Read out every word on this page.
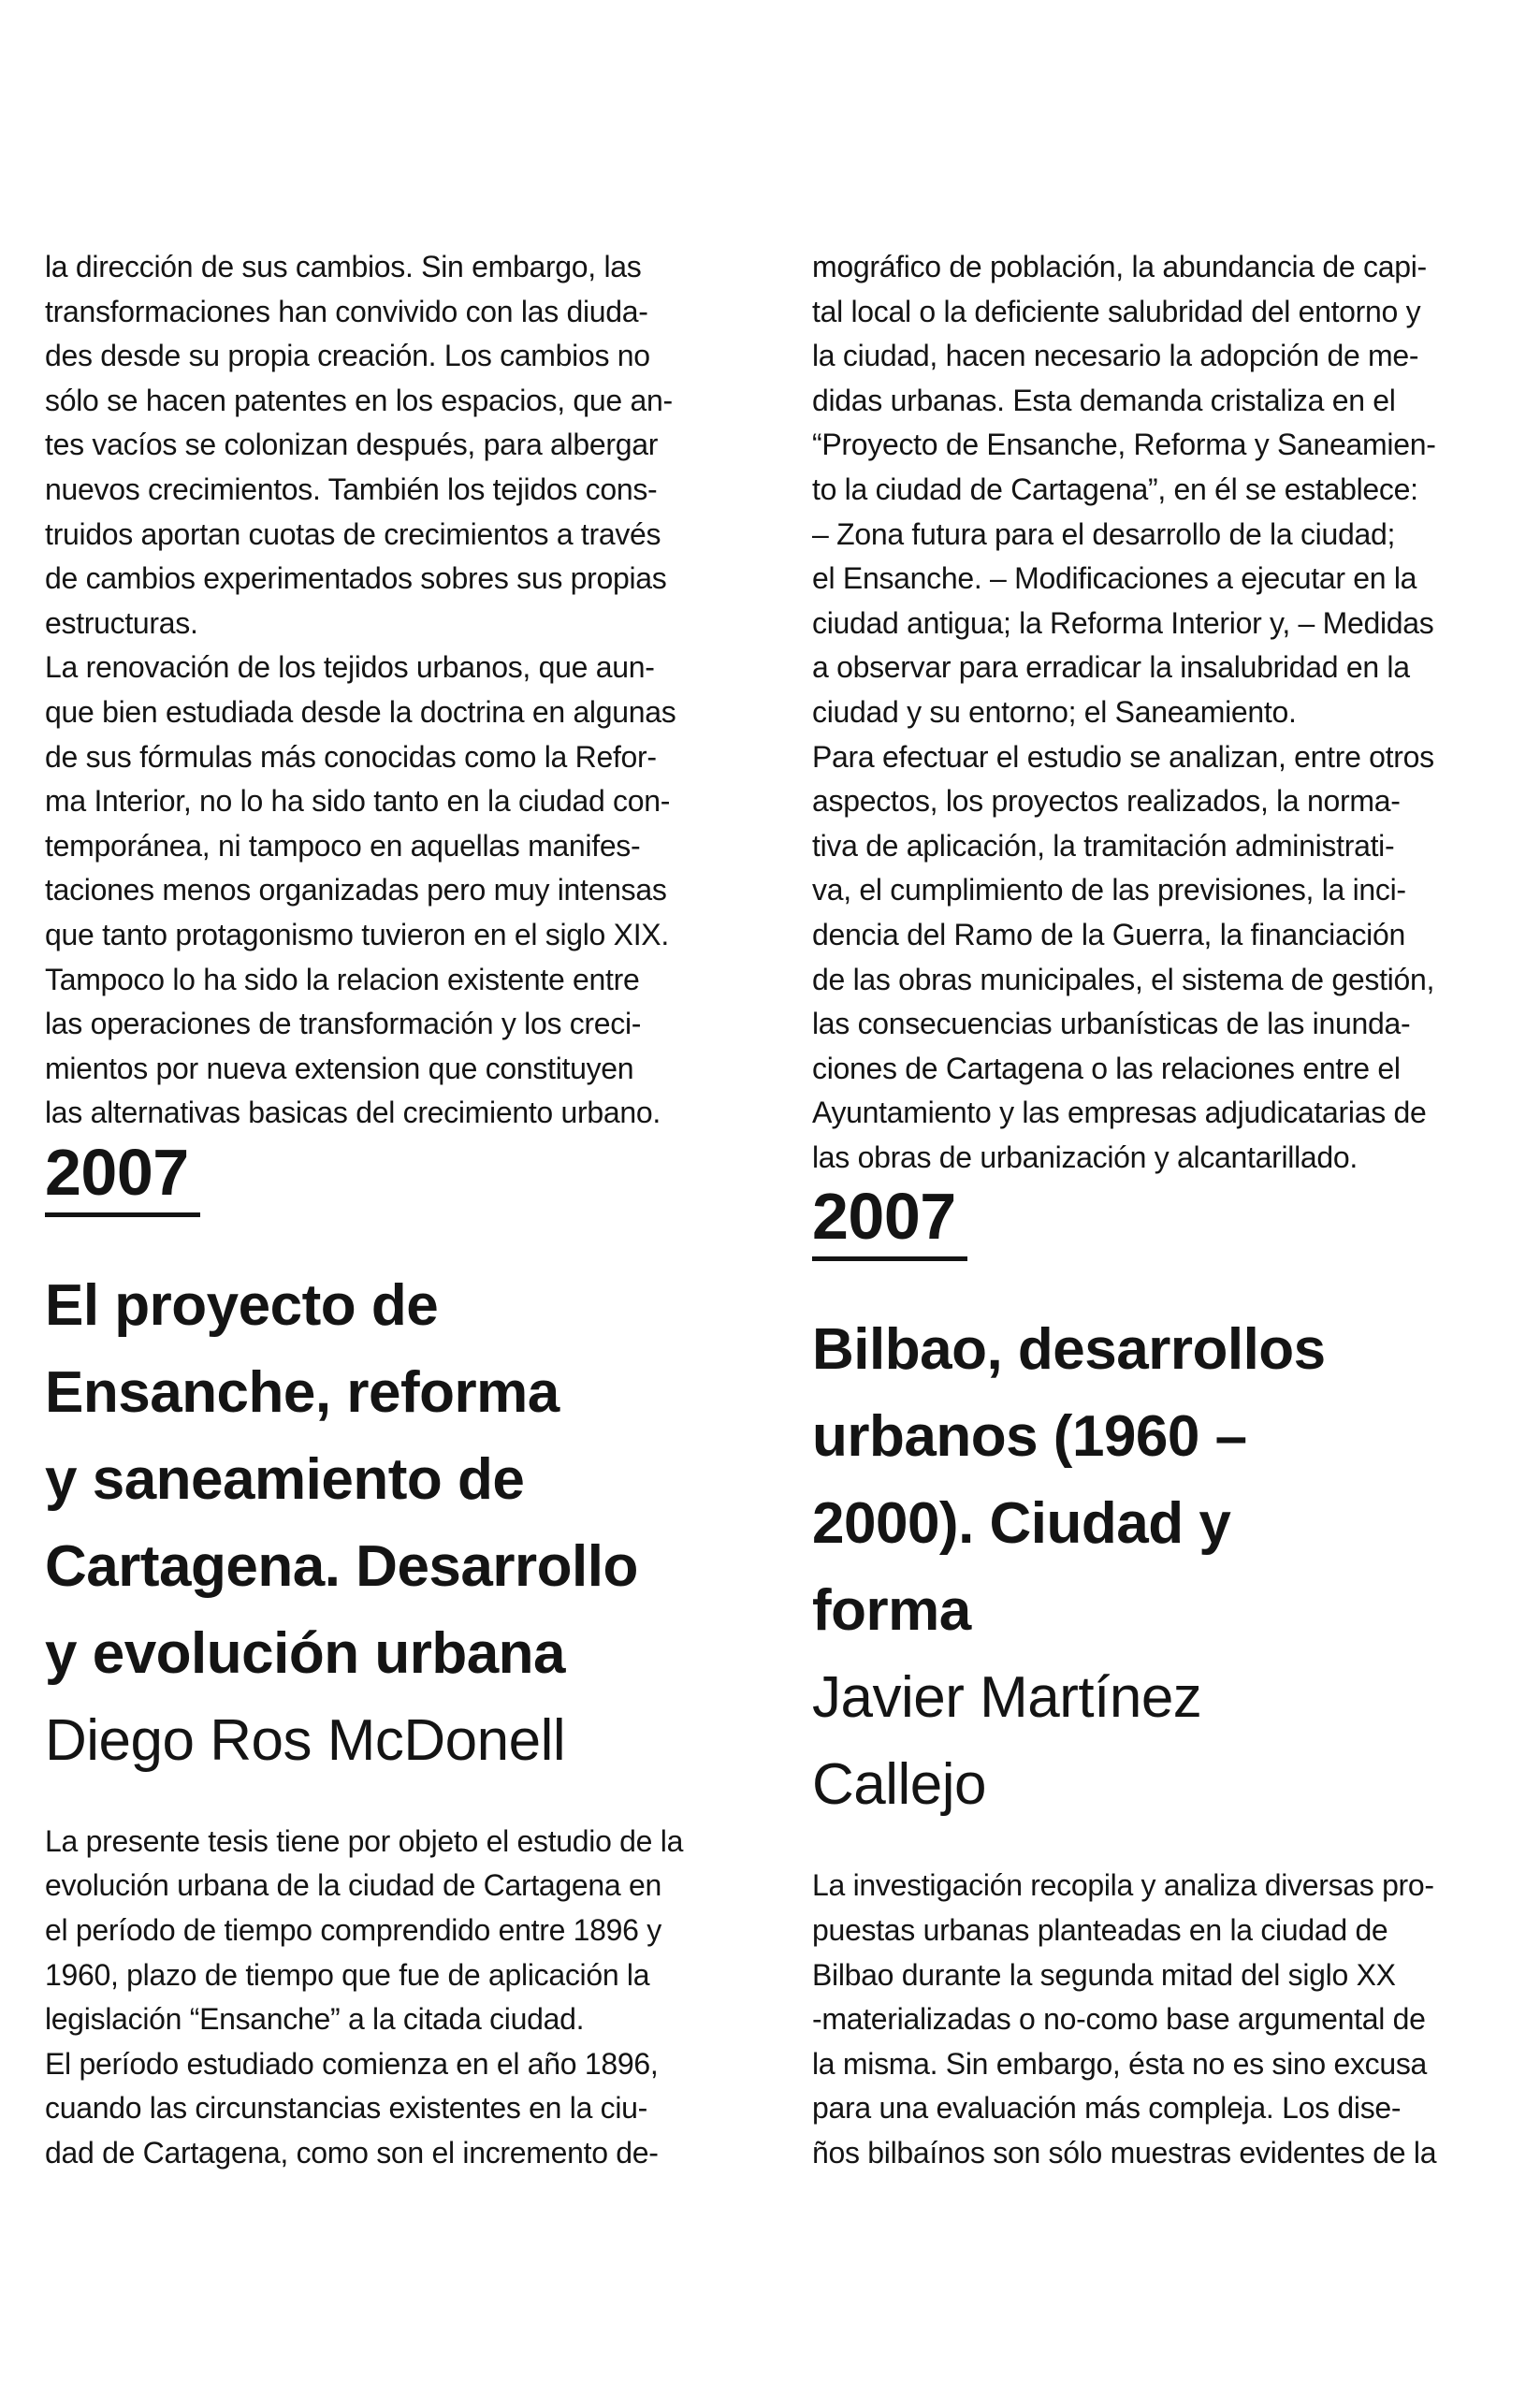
la dirección de sus cambios. Sin embargo, las
transformaciones han convivido con las diuda-
des desde su propia creación. Los cambios no
sólo se hacen patentes en los espacios, que an-
tes vacíos se colonizan después, para albergar
nuevos crecimientos. También los tejidos cons-
truidos aportan cuotas de crecimientos a través
de cambios experimentados sobres sus propias
estructuras.
La renovación de los tejidos urbanos, que aun-
que bien estudiada desde la doctrina en algunas
de sus fórmulas más conocidas como la Refor-
ma Interior, no lo ha sido tanto en la ciudad con-
temporánea, ni tampoco en aquellas manifes-
taciones menos organizadas pero muy intensas
que tanto protagonismo tuvieron en el siglo XIX.
Tampoco lo ha sido la relacion existente entre
las operaciones de transformación y los creci-
mientos por nueva extension que constituyen
las alternativas basicas del crecimiento urbano.
2007
El proyecto de
Ensanche, reforma
y saneamiento de
Cartagena. Desarrollo
y evolución urbana
Diego Ros McDonell
La presente tesis tiene por objeto el estudio de la
evolución urbana de la ciudad de Cartagena en
el período de tiempo comprendido entre 1896 y
1960, plazo de tiempo que fue de aplicación la
legislación “Ensanche” a la citada ciudad.
El período estudiado comienza en el año 1896,
cuando las circunstancias existentes en la ciu-
dad de Cartagena, como son el incremento de-
mográfico de población, la abundancia de capi-
tal local o la deficiente salubridad del entorno y
la ciudad, hacen necesario la adopción de me-
didas urbanas. Esta demanda cristaliza en el
“Proyecto de Ensanche, Reforma y Saneamien-
to la ciudad de Cartagena”, en él se establece:
– Zona futura para el desarrollo de la ciudad;
el Ensanche. – Modificaciones a ejecutar en la
ciudad antigua; la Reforma Interior y, – Medidas
a observar para erradicar la insalubridad en la
ciudad y su entorno; el Saneamiento.
Para efectuar el estudio se analizan, entre otros
aspectos, los proyectos realizados, la norma-
tiva de aplicación, la tramitación administrati-
va, el cumplimiento de las previsiones, la inci-
dencia del Ramo de la Guerra, la financiación
de las obras municipales, el sistema de gestión,
las consecuencias urbanísticas de las inunda-
ciones de Cartagena o las relaciones entre el
Ayuntamiento y las empresas adjudicatarias de
las obras de urbanización y alcantarillado.
2007
Bilbao, desarrollos
urbanos (1960 –
2000). Ciudad y
forma
Javier Martínez
Callejo
La investigación recopila y analiza diversas pro-
puestas urbanas planteadas en la ciudad de
Bilbao durante la segunda mitad del siglo XX
-materializadas o no-como base argumental de
la misma. Sin embargo, ésta no es sino excusa
para una evaluación más compleja. Los dise-
ños bilbaínos son sólo muestras evidentes de la
